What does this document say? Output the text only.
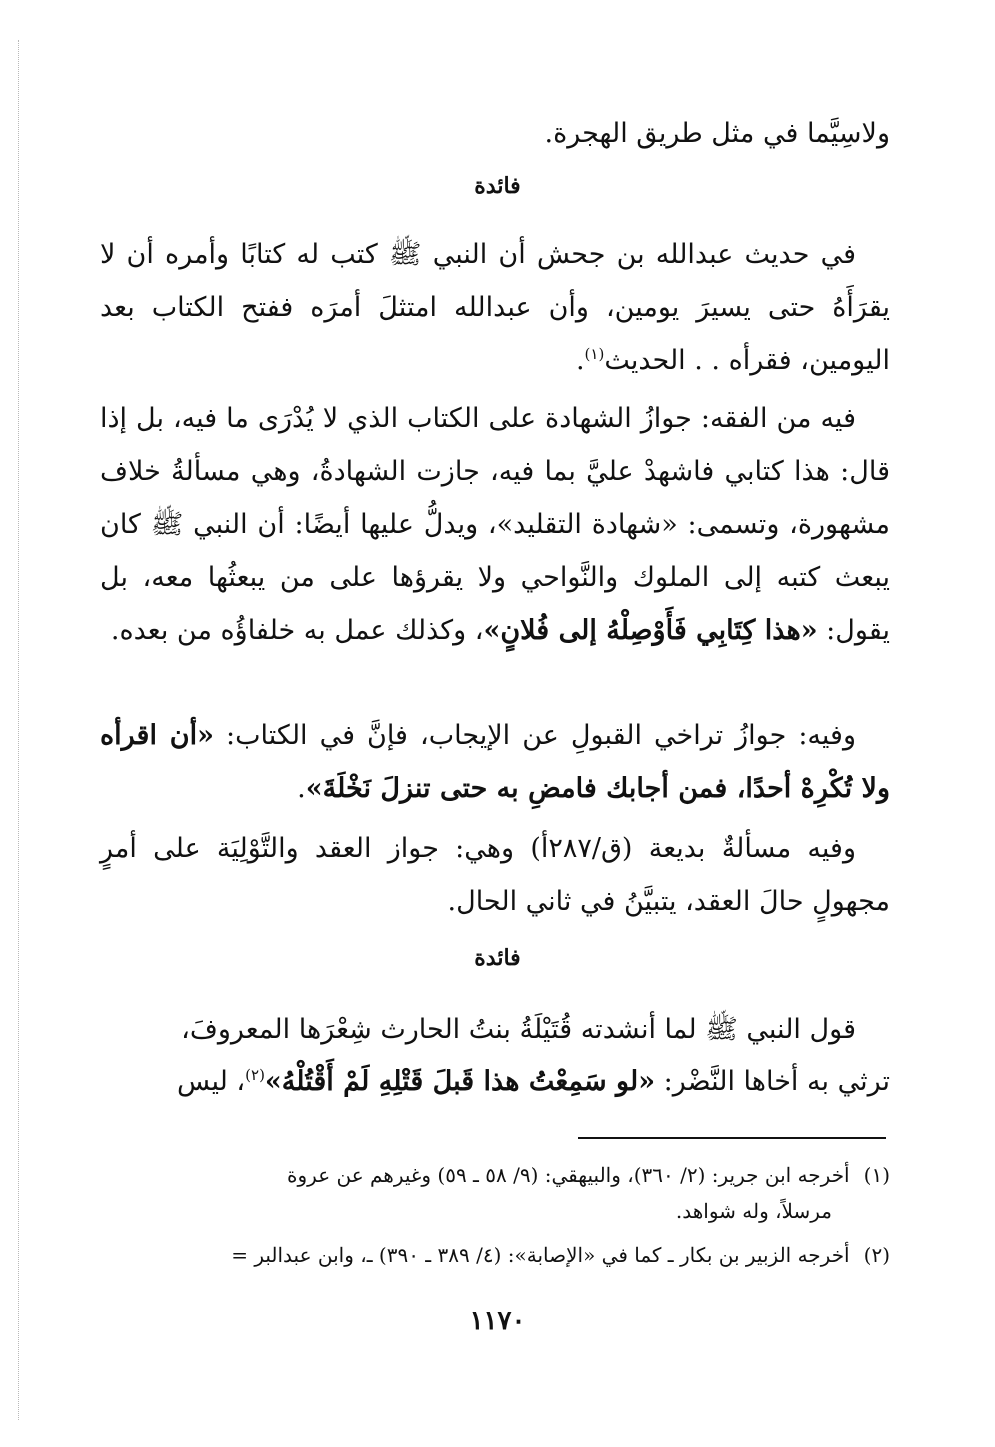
ولاسِيَّما في مثل طريق الهجرة.
فائدة
في حديث عبدالله بن جحش أن النبي ﷺ كتب له كتابًا وأمره أن لا يقرَأَهُ حتى يسيرَ يومين، وأن عبدالله امتثلَ أمرَه ففتح الكتاب بعد اليومين، فقرأه . . الحديث$^{(١)}$.
فيه من الفقه: جوازُ الشهادة على الكتاب الذي لا يُدْرَى ما فيه، بل إذا قال: هذا كتابي فاشهدْ عليَّ بما فيه، جازت الشهادةُ، وهي مسألةُ خلاف مشهورة، وتسمى: «شهادة التقليد»، ويدلُّ عليها أيضًا: أن النبي ﷺ كان يبعث كتبه إلى الملوك والنَّواحي ولا يقرؤها على من يبعثُها معه، بل يقول: «هذا كِتَابِي فَأَوْصِلْهُ إلى فُلانٍ»، وكذلك عمل به خلفاؤُه من بعده.
وفيه: جوازُ تراخي القبولِ عن الإيجاب، فإنَّ في الكتاب: «أن اقرأه ولا تُكْرِهْ أحدًا، فمن أجابك فامضِ به حتى تنزلَ نَخْلَةَ».
وفيه مسألةٌ بديعة (ق/٢٨٧أ) وهي: جواز العقد والتَّوْلِيَة على أمرٍ مجهولٍ حالَ العقد، يتبيَّنُ في ثاني الحال.
فائدة
قول النبي ﷺ لما أنشدته قُتَيْلَةُ بنتُ الحارث شِعْرَها المعروفَ،
ترثي به أخاها النَّضْر: «لو سَمِعْتُ هذا قَبلَ قَتْلِهِ لَمْ أَقْتُلْهُ»$^{(٢)}$، ليس
(١)أخرجه ابن جرير: (٢/ ٣٦٠)، والبيهقي: (٩/ ٥٨ ـ ٥٩) وغيرهم عن عروة
مرسلاً، وله شواهد.
(٢)أخرجه الزبير بن بكار ـ كما في «الإصابة»: (٤/ ٣٨٩ ـ ٣٩٠) ـ، وابن عبدالبر =
١١٧٠
